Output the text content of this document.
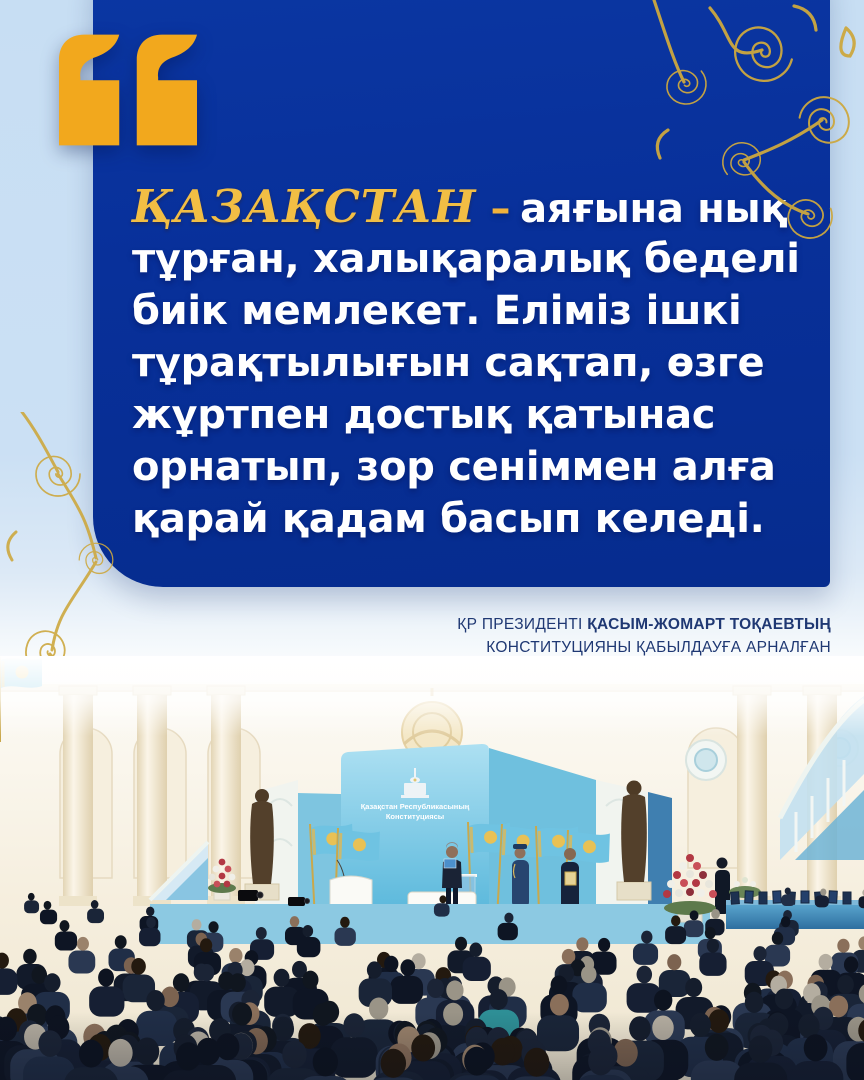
ҚАЗАҚСТАН – аяғына нық
тұрған, халықаралық беделі
биік мемлекет. Еліміз ішкі
тұрақтылығын сақтап, өзге
жұртпен достық қатынас
орнатып, зор сеніммен алға
қарай қадам басып келеді.
ҚР ПРЕЗИДЕНТІ ҚАСЫМ-ЖОМАРТ ТОҚАЕВТЫҢ
КОНСТИТУЦИЯНЫ ҚАБЫЛДАУҒА АРНАЛҒАН
Қазақстан Республикасының
Конституциясы
